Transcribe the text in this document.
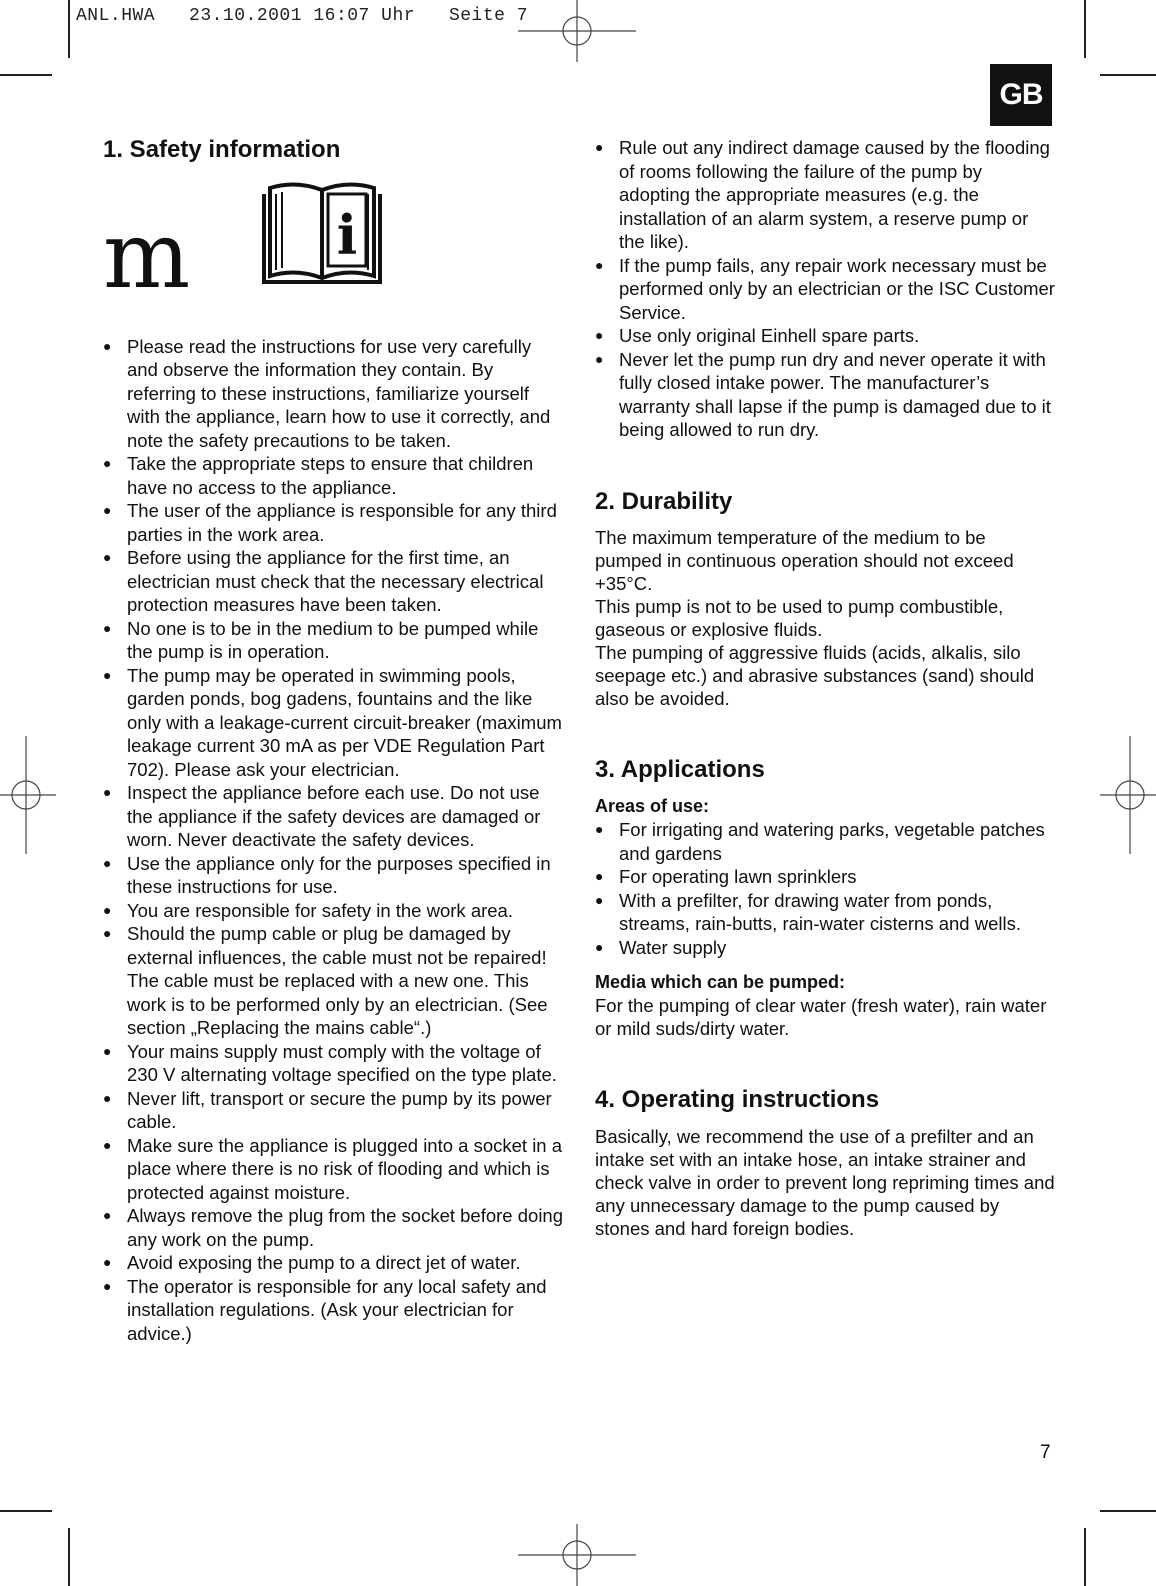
ANL.HWA   23.10.2001 16:07 Uhr   Seite 7
GB
m	i
1. Safety information
● Please read the instructions for use very carefully and observe the information they contain. By referring to these instructions, familiarize yourself with the appliance, learn how to use it correctly, and note the safety precautions to be taken.
● Take the appropriate steps to ensure that children have no access to the appliance.
● The user of the appliance is responsible for any third parties in the work area.
● Before using the appliance for the first time, an electrician must check that the necessary electrical protection measures have been taken.
● No one is to be in the medium to be pumped while the pump is in operation.
● The pump may be operated in swimming pools, garden ponds, bog gadens, fountains and the like only with a leakage-current circuit-breaker (maximum leakage current 30 mA as per VDE Regulation Part 702). Please ask your electrician.
● Inspect the appliance before each use. Do not use the appliance if the safety devices are damaged or worn. Never deactivate the safety devices.
● Use the appliance only for the purposes specified in these instructions for use.
● You are responsible for safety in the work area.
● Should the pump cable or plug be damaged by external influences, the cable must not be repaired! The cable must be replaced with a new one. This work is to be performed only by an electrician. (See section „Replacing the mains cable“.)
● Your mains supply must comply with the voltage of 230 V alternating voltage specified on the type plate.
● Never lift, transport or secure the pump by its power cable.
● Make sure the appliance is plugged into a socket in a place where there is no risk of flooding and which is protected against moisture.
● Always remove the plug from the socket before doing any work on the pump.
● Avoid exposing the pump to a direct jet of water.
● The operator is responsible for any local safety and installation regulations. (Ask your electrician for advice.)
● Rule out any indirect damage caused by the flooding of rooms following the failure of the pump by adopting the appropriate measures (e.g. the installation of an alarm system, a reserve pump or the like).
● If the pump fails, any repair work necessary must be performed only by an electrician or the ISC Customer Service.
● Use only original Einhell spare parts.
● Never let the pump run dry and never operate it with fully closed intake power. The manufacturer’s warranty shall lapse if the pump is damaged due to it being allowed to run dry.
2. Durability

The maximum temperature of the medium to be pumped in continuous operation should not exceed +35°C.

This pump is not to be used to pump combustible, gaseous or explosive fluids.

The pumping of aggressive fluids (acids, alkalis, silo seepage etc.) and abrasive substances (sand) should also be avoided.

3. Applications

Areas of use:

● For irrigating and watering parks, vegetable patches and gardens
● For operating lawn sprinklers
● With a prefilter, for drawing water from ponds, streams, rain-butts, rain-water cisterns and wells.
● Water supply

Media which can be pumped:

For the pumping of clear water (fresh water), rain water or mild suds/dirty water.

4. Operating instructions

Basically, we recommend the use of a prefilter and an intake set with an intake hose, an intake strainer and check valve in order to prevent long repriming times and any unnecessary damage to the pump caused by stones and hard foreign bodies.

7
